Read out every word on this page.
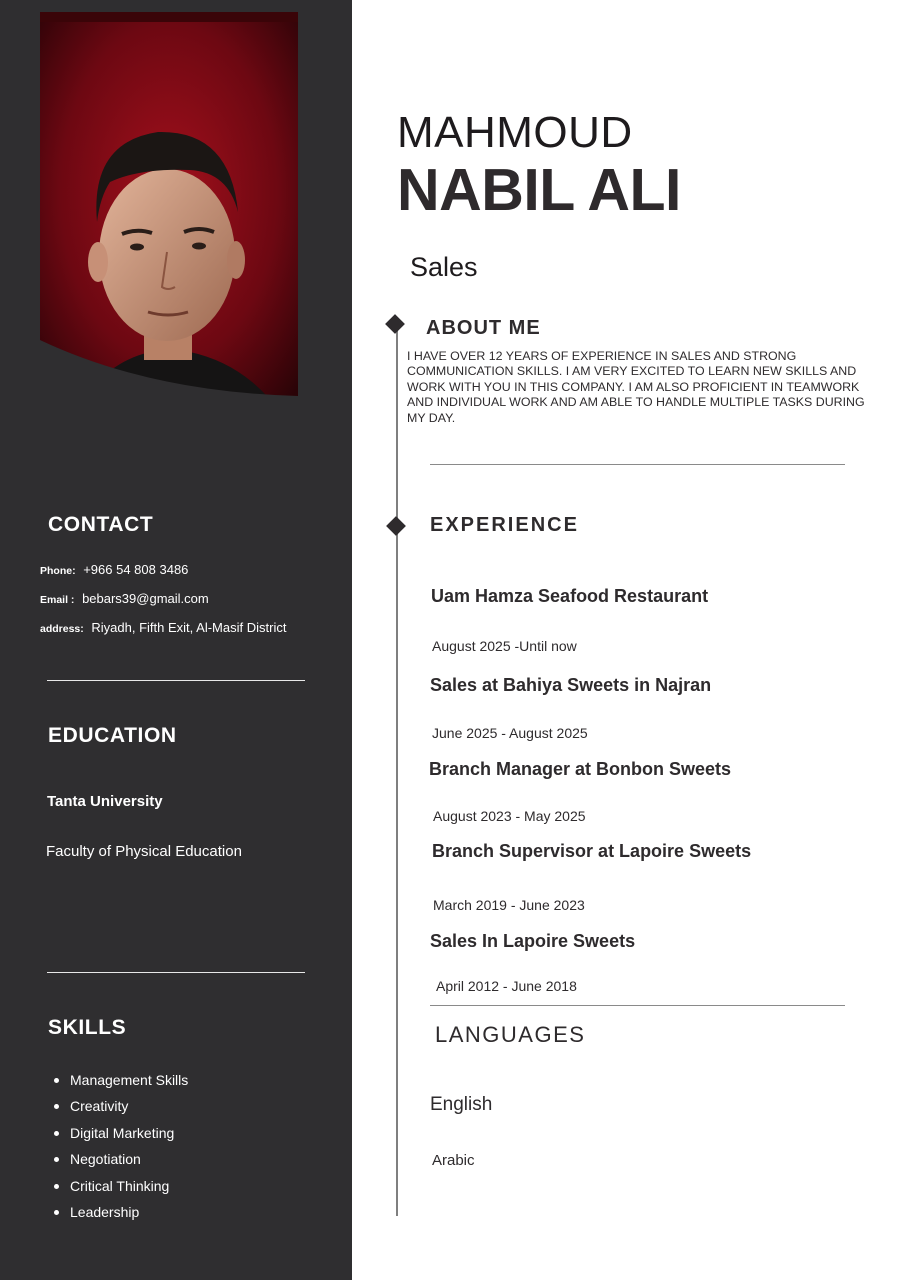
CONTACT
Phone: +966 54 808 3486
Email : bebars39@gmail.com
address: Riyadh, Fifth Exit, Al-Masif District
EDUCATION
Tanta University
Faculty of Physical Education
SKILLS
Management Skills
Creativity
Digital Marketing
Negotiation
Critical Thinking
Leadership
MAHMOUD
NABIL ALI
Sales
ABOUT ME

I HAVE OVER 12 YEARS OF EXPERIENCE IN SALES AND STRONG COMMUNICATION SKILLS. I AM VERY EXCITED TO LEARN NEW SKILLS AND WORK WITH YOU IN THIS COMPANY. I AM ALSO PROFICIENT IN TEAMWORK AND INDIVIDUAL WORK AND AM ABLE TO HANDLE MULTIPLE TASKS DURING MY DAY.

EXPERIENCE
Uam Hamza Seafood Restaurant
August 2025 -Until now
Sales at Bahiya Sweets in Najran
June 2025 - August 2025
Branch Manager at Bonbon Sweets
August 2023 - May 2025
Branch Supervisor at Lapoire Sweets
March 2019 - June 2023
Sales In Lapoire Sweets
April 2012 - June 2018
LANGUAGES
English
Arabic
